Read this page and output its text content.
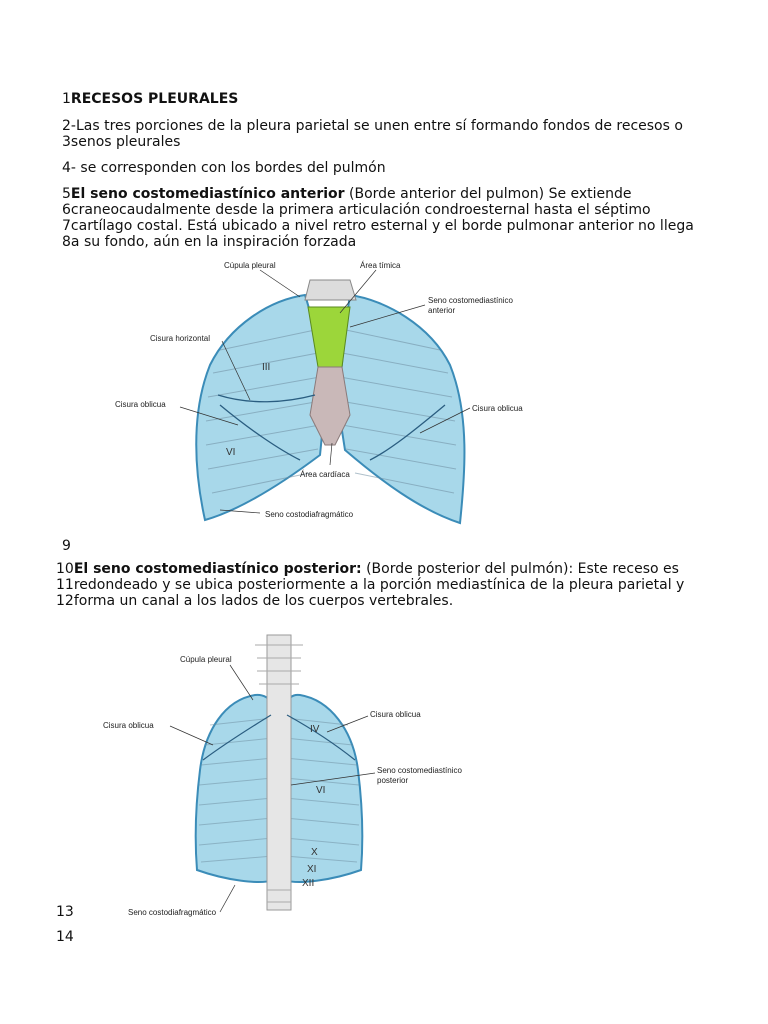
1RECESOS PLEURALES
2-Las tres porciones de la pleura parietal se unen entre sí formando fondos de recesos o
3senos pleurales
4- se corresponden con los bordes del pulmón
5El seno costomediastínico anterior (Borde anterior del pulmon) Se extiende
6craneocaudalmente desde la primera articulación condroesternal hasta el séptimo
7cartílago costal. Está ubicado a nivel retro esternal y el borde pulmonar anterior no llega
8a su fondo, aún en la inspiración forzada
Cúpula pleural	Área tímica
Seno costomediastínico
anterior
Cisura horizontal
Cisura oblicua	Cisura oblicua
Área cardíaca
Seno costodiafragmático
III
VI
9
10El seno costomediastínico posterior: (Borde posterior del pulmón): Este receso es
11redondeado y se ubica posteriormente a la porción mediastínica de la pleura parietal y
12forma un canal a los lados de los cuerpos vertebrales.
Cúpula pleural
Cisura oblicua
Cisura oblicua
Seno costomediastínico
posterior
Seno costodiafragmático
IV
VI
X
XI
XII
13
14
